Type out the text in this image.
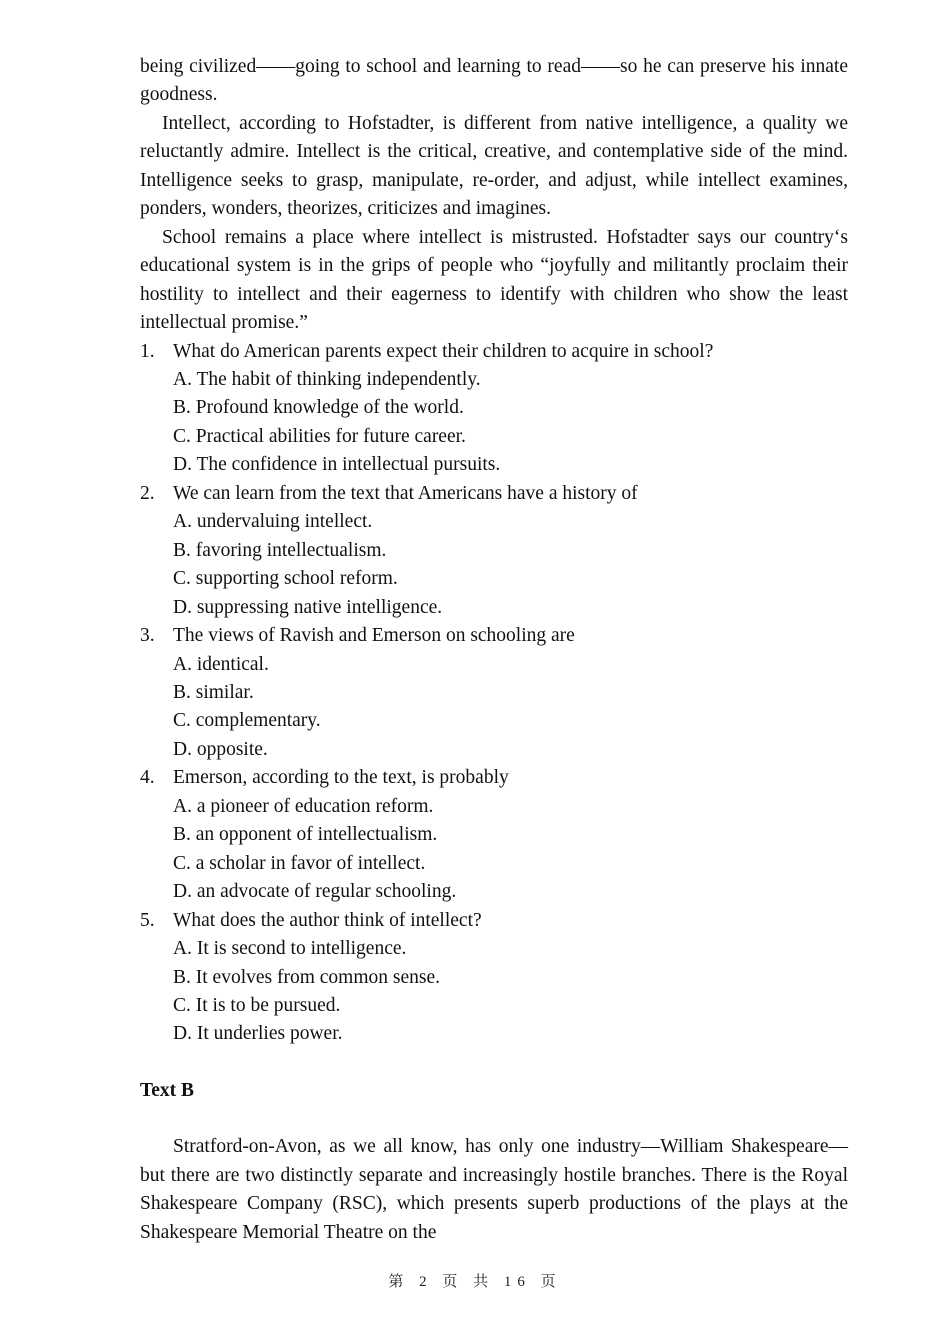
being civilized——going to school and learning to read——so he can preserve his innate goodness.

Intellect, according to Hofstadter, is different from native intelligence, a quality we reluctantly admire. Intellect is the critical, creative, and contemplative side of the mind. Intelligence seeks to grasp, manipulate, re-order, and adjust, while intellect examines, ponders, wonders, theorizes, criticizes and imagines.

School remains a place where intellect is mistrusted. Hofstadter says our country‘s educational system is in the grips of people who “joyfully and militantly proclaim their hostility to intellect and their eagerness to identify with children who show the least intellectual promise.”

1. What do American parents expect their children to acquire in school?
A. The habit of thinking independently.
B. Profound knowledge of the world.
C. Practical abilities for future career.
D. The confidence in intellectual pursuits.
2. We can learn from the text that Americans have a history of
A. undervaluing intellect.
B. favoring intellectualism.
C. supporting school reform.
D. suppressing native intelligence.
3. The views of Ravish and Emerson on schooling are
A. identical.
B. similar.
C. complementary.
D. opposite.
4. Emerson, according to the text, is probably
A. a pioneer of education reform.
B. an opponent of intellectualism.
C. a scholar in favor of intellect.
D. an advocate of regular schooling.
5. What does the author think of intellect?
A. It is second to intelligence.
B. It evolves from common sense.
C. It is to be pursued.
D. It underlies power.
Text B

Stratford-on-Avon, as we all know, has only one industry—William Shakespeare—but there are two distinctly separate and increasingly hostile branches. There is the Royal Shakespeare Company (RSC), which presents superb productions of the plays at the Shakespeare Memorial Theatre on the

第 2 页 共 16 页
